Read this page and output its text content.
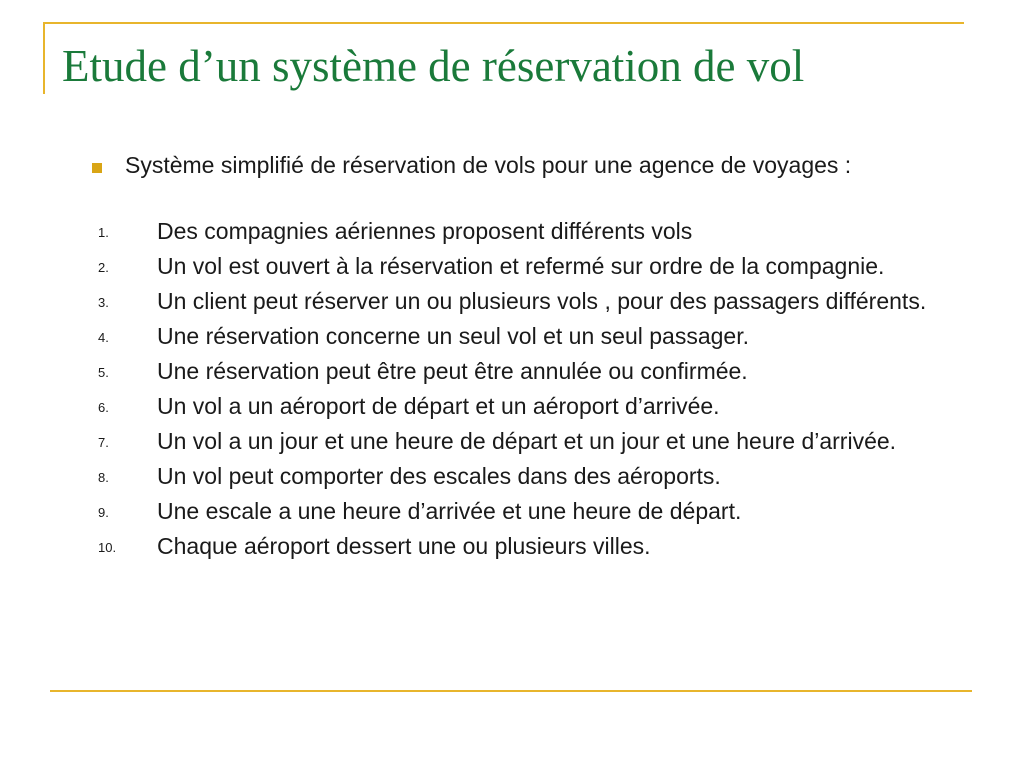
Etude d’un système de réservation de vol
Système simplifié de réservation de vols pour une agence de voyages :
1. Des compagnies aériennes proposent différents vols
2. Un vol est ouvert à la réservation et refermé sur ordre de la compagnie.
3. Un client peut réserver un ou plusieurs vols , pour des passagers différents.
4. Une réservation concerne un seul vol et un seul passager.
5. Une réservation peut être peut être annulée ou confirmée.
6. Un vol a un aéroport de départ et un aéroport d’arrivée.
7. Un vol a un jour et une heure de départ et un jour et une heure d’arrivée.
8. Un vol peut comporter des escales dans des aéroports.
9. Une escale a une heure d’arrivée et une heure de départ.
10. Chaque aéroport dessert une ou plusieurs villes.
